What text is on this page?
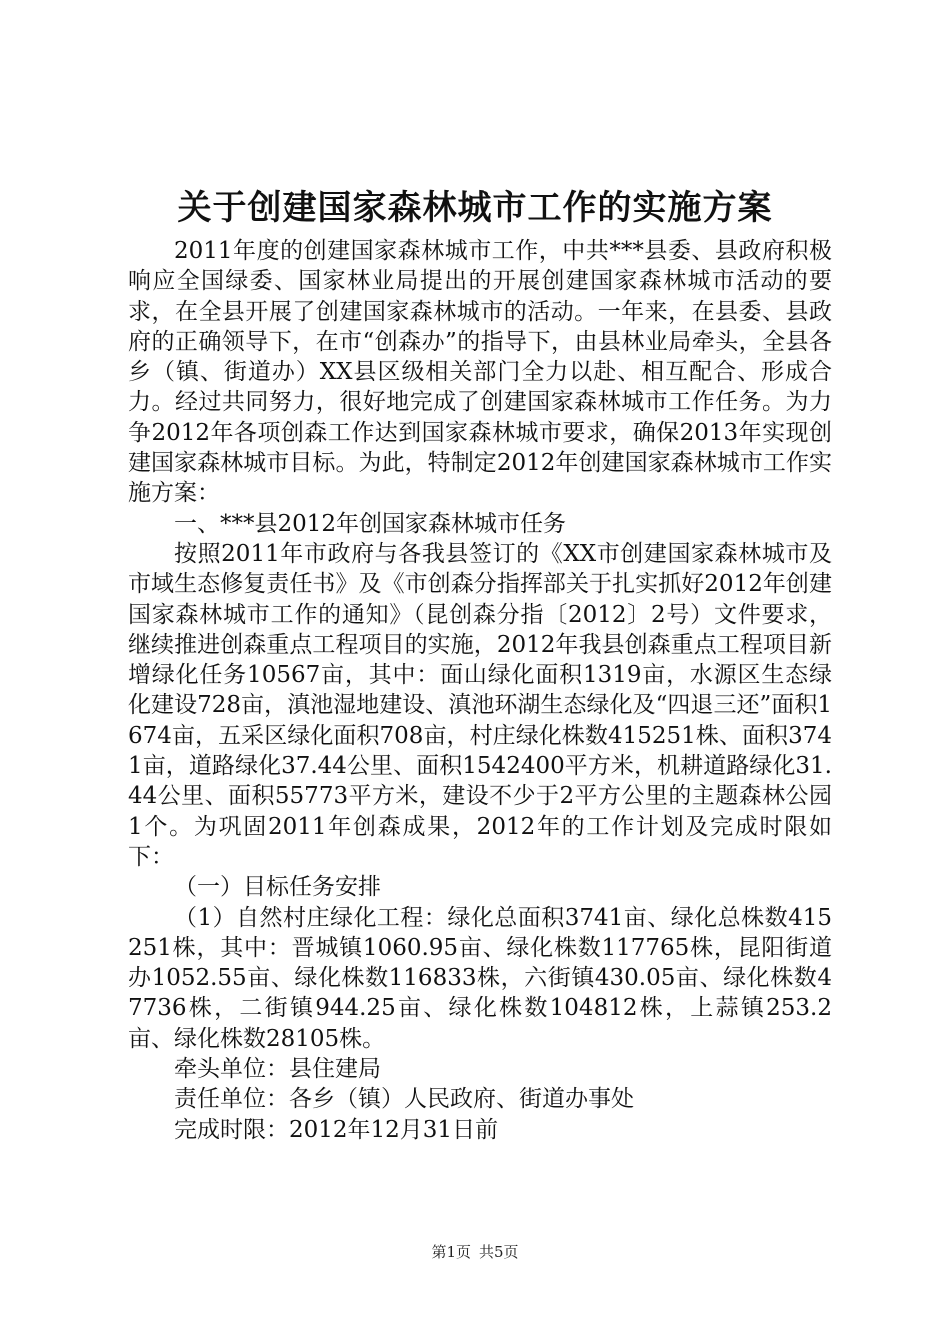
关于创建国家森林城市工作的实施方案

2011年度的创建国家森林城市工作，中共***县委、县政府积极响应全国绿委、国家林业局提出的开展创建国家森林城市活动的要求，在全县开展了创建国家森林城市的活动。一年来，在县委、县政府的正确领导下，在市“创森办”的指导下，由县林业局牵头，全县各乡（镇、街道办）XX县区级相关部门全力以赴、相互配合、形成合力。经过共同努力，很好地完成了创建国家森林城市工作任务。为力争2012年各项创森工作达到国家森林城市要求，确保2013年实现创建国家森林城市目标。为此，特制定2012年创建国家森林城市工作实施方案：

一、***县2012年创国家森林城市任务

按照2011年市政府与各我县签订的《XX市创建国家森林城市及市域生态修复责任书》及《市创森分指挥部关于扎实抓好2012年创建国家森林城市工作的通知》（昆创森分指〔2012〕2号）文件要求，继续推进创森重点工程项目的实施，2012年我县创森重点工程项目新增绿化任务10567亩，其中：面山绿化面积1319亩，水源区生态绿化建设728亩，滇池湿地建设、滇池环湖生态绿化及“四退三还”面积1674亩，五采区绿化面积708亩，村庄绿化株数415251株、面积3741亩，道路绿化37.44公里、面积1542400平方米，机耕道路绿化31.44公里、面积55773平方米，建设不少于2平方公里的主题森林公园1个。为巩固2011年创森成果，2012年的工作计划及完成时限如下：

（一）目标任务安排

（1）自然村庄绿化工程：绿化总面积3741亩、绿化总株数415251株，其中：晋城镇1060.95亩、绿化株数117765株，昆阳街道办1052.55亩、绿化株数116833株，六街镇430.05亩、绿化株数47736株，二街镇944.25亩、绿化株数104812株，上蒜镇253.2亩、绿化株数28105株。

牵头单位：县住建局

责任单位：各乡（镇）人民政府、街道办事处

完成时限：2012年12月31日前

第1页 共5页
